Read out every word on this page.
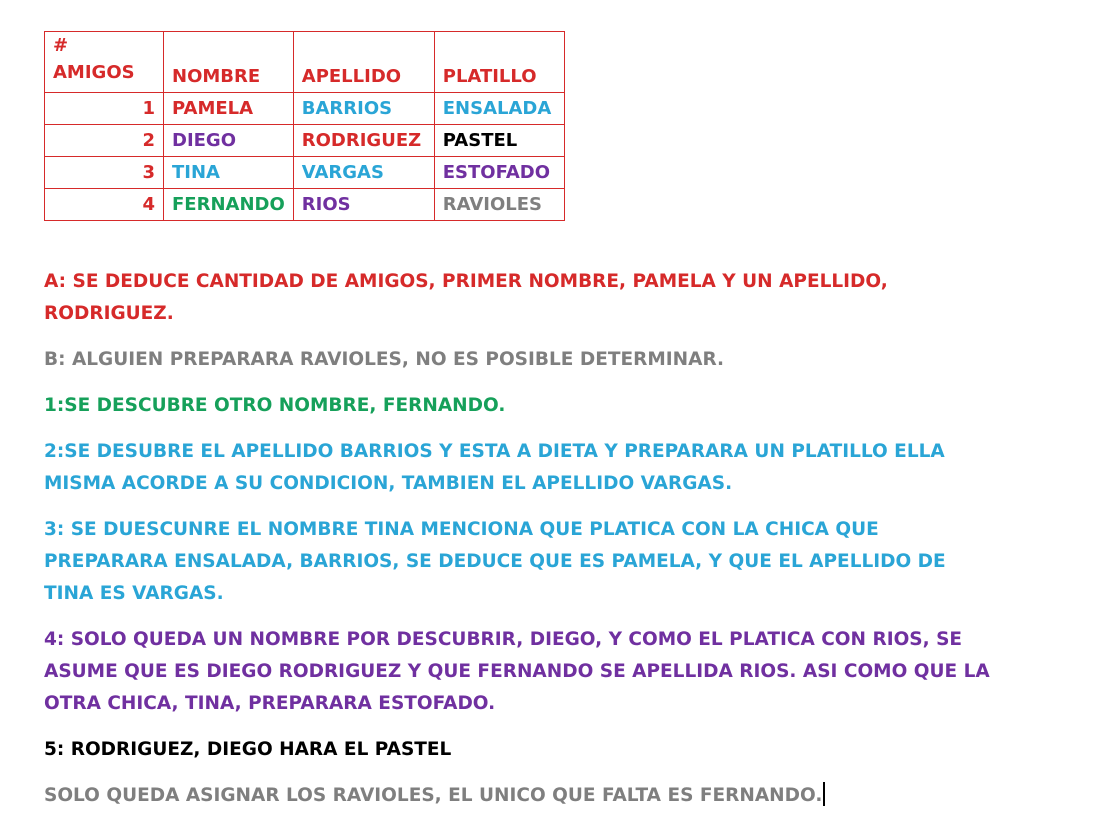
#
AMIGOS	NOMBRE	APELLIDO	PLATILLO
1	PAMELA	BARRIOS	ENSALADA
2	DIEGO	RODRIGUEZ	PASTEL
3	TINA	VARGAS	ESTOFADO
4	FERNANDO	RIOS	RAVIOLES

A: SE DEDUCE CANTIDAD DE AMIGOS, PRIMER NOMBRE, PAMELA Y UN APELLIDO, RODRIGUEZ.

B: ALGUIEN PREPARARA RAVIOLES, NO ES POSIBLE DETERMINAR.

1:SE DESCUBRE OTRO NOMBRE, FERNANDO.

2:SE DESUBRE EL APELLIDO BARRIOS Y ESTA A DIETA Y PREPARARA UN PLATILLO ELLA MISMA ACORDE A SU CONDICION, TAMBIEN EL APELLIDO VARGAS.

3: SE DUESCUNRE EL NOMBRE TINA MENCIONA QUE PLATICA CON LA CHICA QUE PREPARARA ENSALADA, BARRIOS, SE DEDUCE QUE ES PAMELA, Y QUE EL APELLIDO DE TINA ES VARGAS.

4: SOLO QUEDA UN NOMBRE POR DESCUBRIR, DIEGO, Y COMO EL PLATICA CON RIOS, SE ASUME QUE ES DIEGO RODRIGUEZ Y QUE FERNANDO SE APELLIDA RIOS. ASI COMO QUE LA OTRA CHICA, TINA, PREPARARA ESTOFADO.

5: RODRIGUEZ, DIEGO HARA EL PASTEL

SOLO QUEDA ASIGNAR LOS RAVIOLES, EL UNICO QUE FALTA ES FERNANDO.
